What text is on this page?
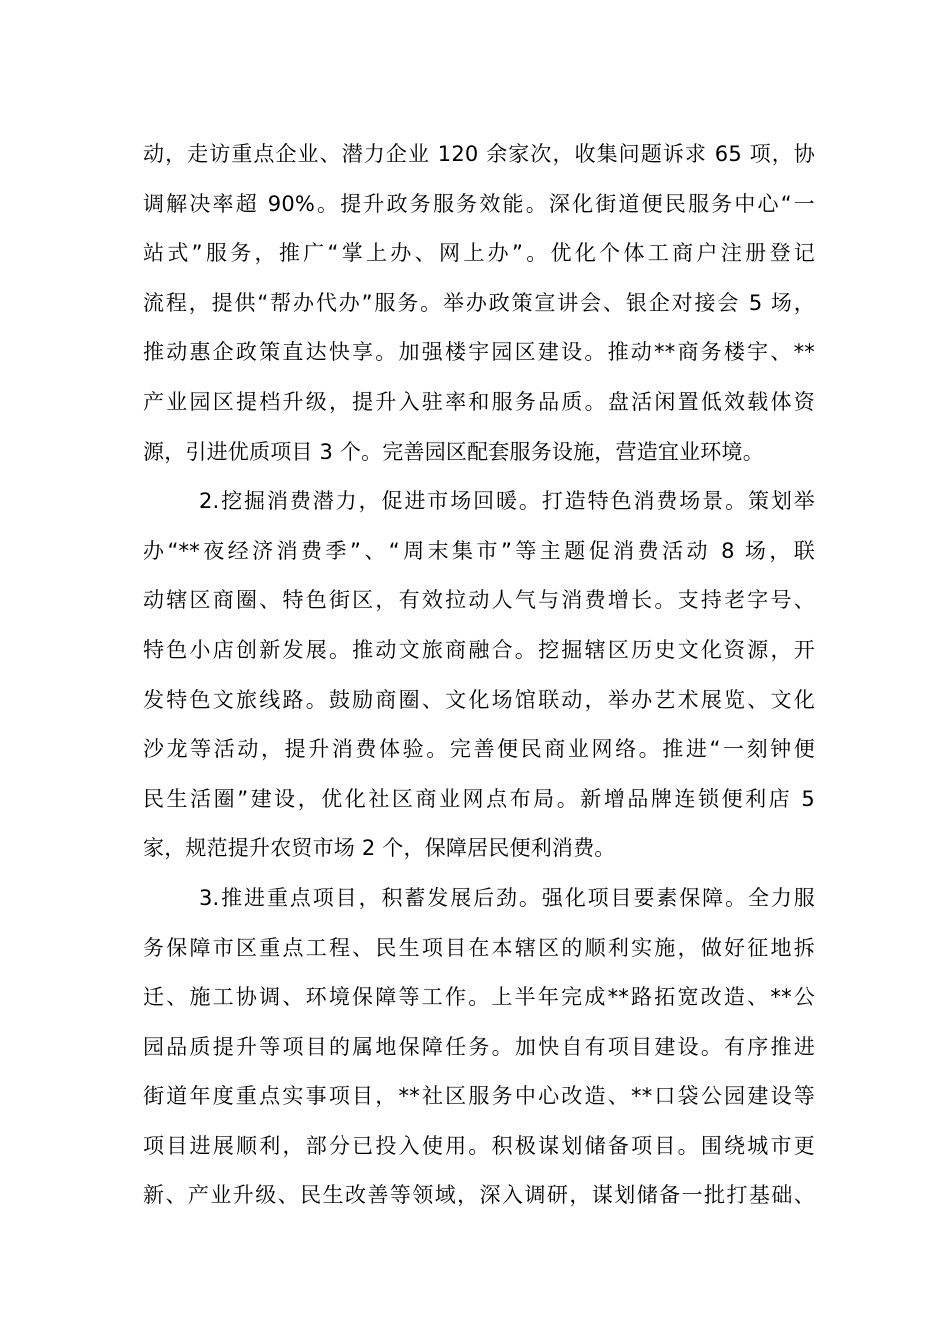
动，走访重点企业、潜力企业 120 余家次，收集问题诉求 65 项，协
调解决率超 90%。提升政务服务效能。深化街道便民服务中心“一
站式”服务，推广“掌上办、网上办”。优化个体工商户注册登记
流程，提供“帮办代办”服务。举办政策宣讲会、银企对接会 5 场，
推动惠企政策直达快享。加强楼宇园区建设。推动**商务楼宇、**
产业园区提档升级，提升入驻率和服务品质。盘活闲置低效载体资
源，引进优质项目 3 个。完善园区配套服务设施，营造宜业环境。
2.挖掘消费潜力，促进市场回暖。打造特色消费场景。策划举
办“**夜经济消费季”、“周末集市”等主题促消费活动 8 场，联
动辖区商圈、特色街区，有效拉动人气与消费增长。支持老字号、
特色小店创新发展。推动文旅商融合。挖掘辖区历史文化资源，开
发特色文旅线路。鼓励商圈、文化场馆联动，举办艺术展览、文化
沙龙等活动，提升消费体验。完善便民商业网络。推进“一刻钟便
民生活圈”建设，优化社区商业网点布局。新增品牌连锁便利店 5
家，规范提升农贸市场 2 个，保障居民便利消费。
3.推进重点项目，积蓄发展后劲。强化项目要素保障。全力服
务保障市区重点工程、民生项目在本辖区的顺利实施，做好征地拆
迁、施工协调、环境保障等工作。上半年完成**路拓宽改造、**公
园品质提升等项目的属地保障任务。加快自有项目建设。有序推进
街道年度重点实事项目，**社区服务中心改造、**口袋公园建设等
项目进展顺利，部分已投入使用。积极谋划储备项目。围绕城市更
新、产业升级、民生改善等领域，深入调研，谋划储备一批打基础、
